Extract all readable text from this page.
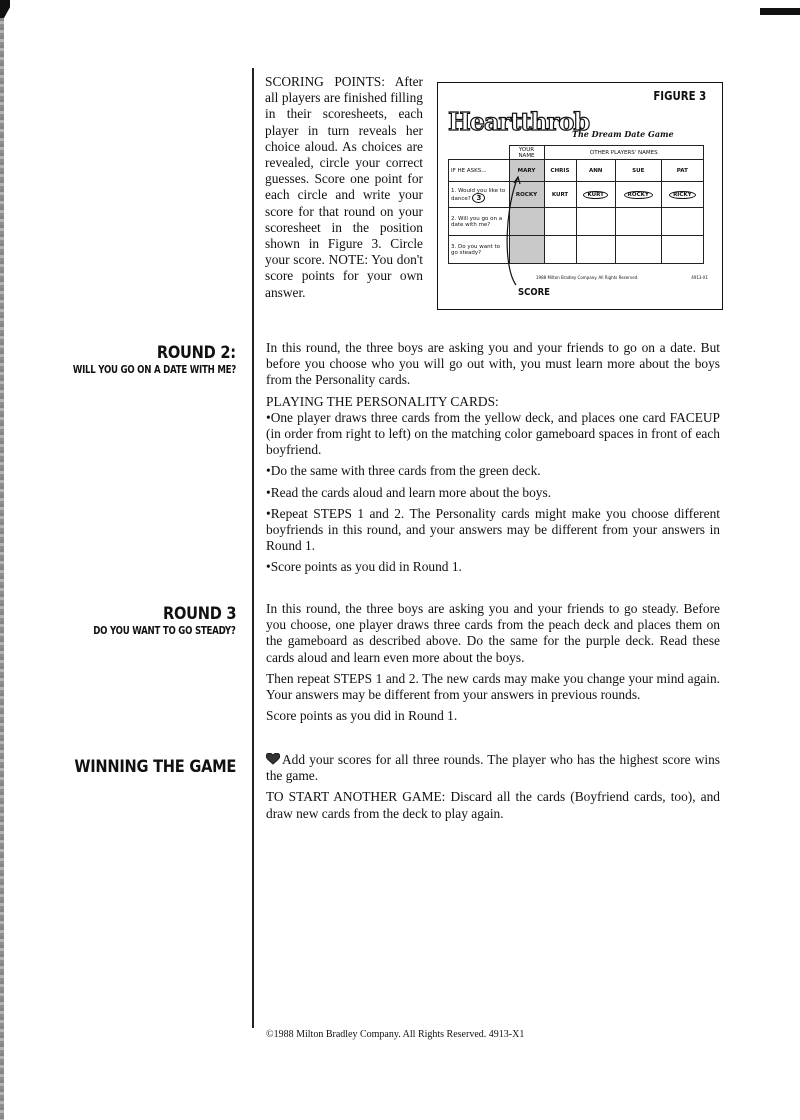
SCORING POINTS: After all players are finished filling in their scoresheets, each player in turn reveals her choice aloud. As choices are revealed, circle your correct guesses. Score one point for each circle and write your score for that round on your scoresheet in the position shown in Figure 3. Circle your score. NOTE: You don't score points for your own answer.

FIGURE 3
Heartthrob
The Dream Date Game
	YOUR NAME	OTHER PLAYERS' NAMES			
IF HE ASKS...	MARY	CHRIS	ANN	SUE	PAT
1. Would you like to dance? 3	ROCKY	KURT	KURT	ROCKY	RICKY
2. Will you go on a date with me?					
3. Do you want to go steady?					
1988 Milton Bradley Company. All Rights Reserved.	4913-X1
SCORE
ROUND 2:
WILL YOU GO ON A DATE WITH ME?

In this round, the three boys are asking you and your friends to go on a date. But before you choose who you will go out with, you must learn more about the boys from the Personality cards.

PLAYING THE PERSONALITY CARDS:

•One player draws three cards from the yellow deck, and places one card FACEUP (in order from right to left) on the matching color gameboard spaces in front of each boyfriend.

•Do the same with three cards from the green deck.

•Read the cards aloud and learn more about the boys.

•Repeat STEPS 1 and 2. The Personality cards might make you choose different boyfriends in this round, and your answers may be different from your answers in Round 1.

•Score points as you did in Round 1.

ROUND 3
DO YOU WANT TO GO STEADY?

In this round, the three boys are asking you and your friends to go steady. Before you choose, one player draws three cards from the peach deck and places them on the gameboard as described above. Do the same for the purple deck. Read these cards aloud and learn even more about the boys.

Then repeat STEPS 1 and 2. The new cards may make you change your mind again. Your answers may be different from your answers in previous rounds.

Score points as you did in Round 1.

WINNING THE GAME	Add your scores for all three rounds. The player who has the highest score wins the game.

TO START ANOTHER GAME: Discard all the cards (Boyfriend cards, too), and draw new cards from the deck to play again.

©1988 Milton Bradley Company. All Rights Reserved. 4913-X1
